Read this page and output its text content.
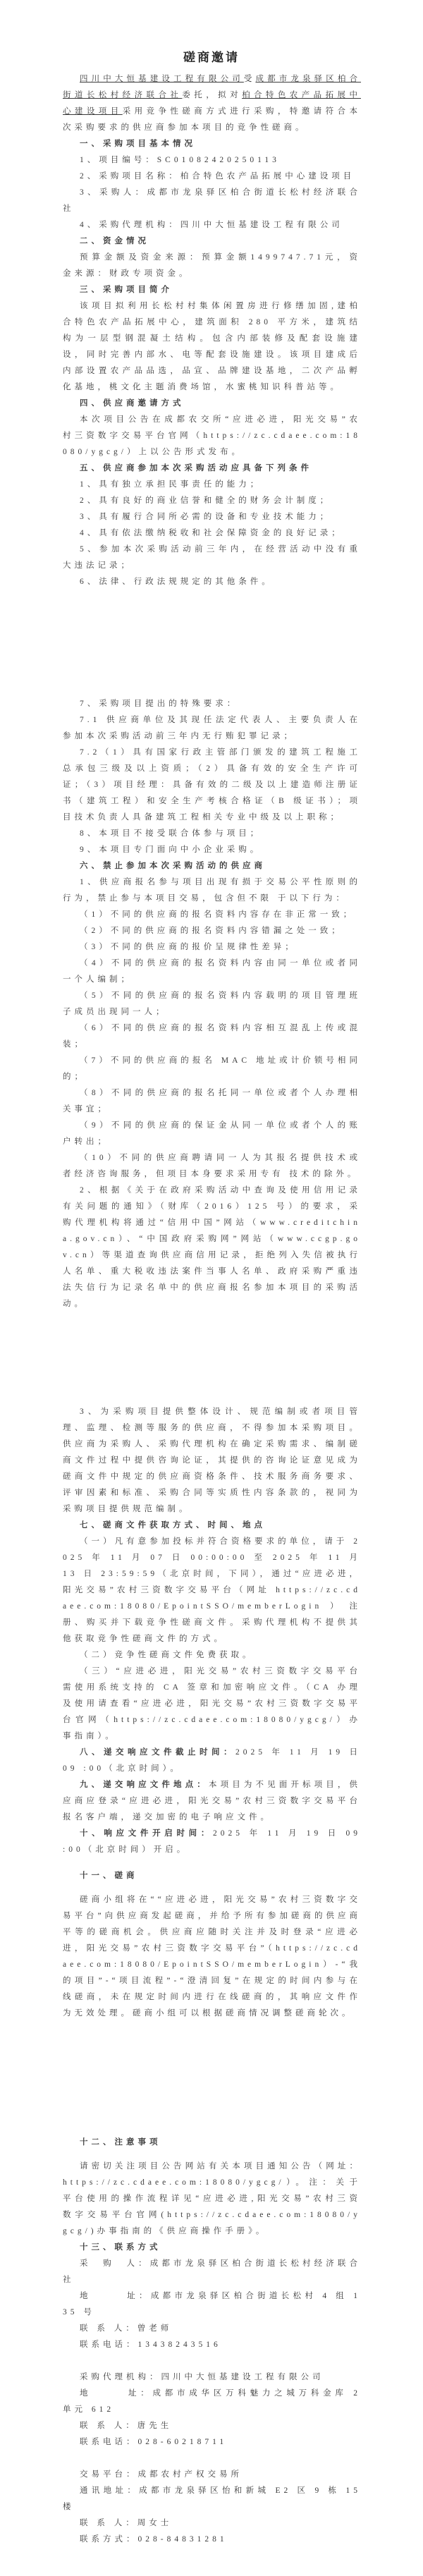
磋商邀请

四川中大恒基建设工程有限公司受成都市龙泉驿区柏合街道长松村经济联合社委托，拟对柏合特色农产品拓展中心建设项目采用竞争性磋商方式进行采购，特邀请符合本次采购要求的供应商参加本项目的竞争性磋商。

一、采购项目基本情况

1、项目编号：SC01082420250113

2、采购项目名称：柏合特色农产品拓展中心建设项目

3、采购人：成都市龙泉驿区柏合街道长松村经济联合社

4、采购代理机构：四川中大恒基建设工程有限公司

二、资金情况

预算金额及资金来源：预算金额1499747.71元，资金来源：财政专项资金。

三、采购项目简介

该项目拟利用长松村村集体闲置房进行修缮加固,建柏合特色农产品拓展中心，建筑面积 280 平方米，建筑结构为一层型钢混凝土结构。包含内部装修及配套设施建设，同时完善内部水、电等配套设施建设。该项目建成后内部设置农产品品选，品宣、品牌建设基地，二次产品孵化基地，桃文化主题消费场馆，水蜜桃知识科普站等。

四、供应商邀请方式

本次项目公告在成都农交所“应进必进，阳光交易”农村三资数字交易平台官网（https://zc.cdaee.com:18080/ygcg/）上以公告形式发布。

五、供应商参加本次采购活动应具备下列条件

1、具有独立承担民事责任的能力；

2、具有良好的商业信誉和健全的财务会计制度；

3、具有履行合同所必需的设备和专业技术能力；

4、具有依法缴纳税收和社会保障资金的良好记录；

5、参加本次采购活动前三年内，在经营活动中没有重大违法记录；

6、法律、行政法规规定的其他条件。

7、采购项目提出的特殊要求：

7.1 供应商单位及其现任法定代表人、主要负责人在参加本次采购活动前三年内无行贿犯罪记录；

7.2（1）具有国家行政主管部门颁发的建筑工程施工总承包三级及以上资质；（2）具备有效的安全生产许可证；（3）项目经理：具备有效的二级及以上建造师注册证书（建筑工程）和安全生产考核合格证（B 级证书）；项目技术负责人具备建筑工程相关专业中级及以上职称；

8、本项目不接受联合体参与项目；

9、本项目专门面向中小企业采购。

六、禁止参加本次采购活动的供应商

1、供应商报名参与项目出现有损于交易公平性原则的行为，禁止参与本项目交易，包含但不限 于以下行为：

（1）不同的供应商的报名资料内容存在非正常一致；

（2）不同的供应商的报名资料内容错漏之处一致；

（3）不同的供应商的报价呈规律性差异；

（4）不同的供应商的报名资料内容由同一单位或者同一个人编制；

（5）不同的供应商的报名资料内容载明的项目管理班子成员出现同一人；

（6）不同的供应商的报名资料内容相互混乱上传或混装；

（7）不同的供应商的报名 MAC 地址或计价锁号相同的；

（8）不同的供应商的报名托同一单位或者个人办理相关事宜；

（9）不同的供应商的保证金从同一单位或者个人的账户转出；

（10）不同的供应商聘请同一人为其报名提供技术或者经济咨询服务，但项目本身要求采用专有 技术的除外。

2、根据《关于在政府采购活动中查询及使用信用记录有关问题的通知》（财库（2016）125 号）的要求，采购代理机构将通过“信用中国”网站（www.creditchina.gov.cn）、“中国政府采购网”网站（www.ccgp.gov.cn）等渠道查询供应商信用记录，拒绝列入失信被执行人名单、重大税收违法案件当事人名单、政府采购严重违法失信行为记录名单中的供应商报名参加本项目的采购活动。

3、为采购项目提供整体设计、规范编制或者项目管理、监理、检测等服务的供应商，不得参加本采购项目。供应商为采购人、采购代理机构在确定采购需求、编制磋商文件过程中提供咨询论证，其提供的咨询论证意见成为磋商文件中规定的供应商资格条件、技术服务商务要求、评审因素和标准、采购合同等实质性内容条款的，视同为采购项目提供规范编制。

七、磋商文件获取方式、时间、地点

（一）凡有意参加投标并符合资格要求的单位，请于 2025 年 11 月 07 日 00:00:00 至 2025 年 11 月 13 日 23:59:59（北京时间，下同），通过“应进必进，阳光交易”农村三资数字交易平台（网址 https://zc.cdaee.com:18080/EpointSSO/memberLogin）注册、购买并下载竞争性磋商文件。采购代理机构不提供其他获取竞争性磋商文件的方式。

（二）竞争性磋商文件免费获取。

（三）“应进必进，阳光交易”农村三资数字交易平台需使用系统支持的 CA 签章和加密响应文件。（CA 办理及使用请查看“应进必进，阳光交易”农村三资数字交易平台官网（https://zc.cdaee.com:18080/ygcg/）办事指南）。

八、递交响应文件截止时间：2025 年 11 月 19 日 09 :00（北京时间）。

九、递交响应文件地点：本项目为不见面开标项目，供应商应登录“应进必进，阳光交易”农村三资数字交易平台报名客户端，递交加密的电子响应文件。

十、响应文件开启时间：2025 年 11 月 19 日 09 :00（北京时间）开启。

十一、磋商

磋商小组将在““应进必进，阳光交易”农村三资数字交易平台”向供应商发起磋商，并给予所有参加磋商的供应商平等的磋商机会。供应商应随时关注并及时登录“应进必进，阳光交易”农村三资数字交易平台”（https://zc.cdaee.com:18080/EpointSSO/memberLogin）-“我的项目”-“项目流程”-“澄清回复”在规定的时间内参与在线磋商，未在规定时间内进行在线磋商的，其响应文件作为无效处理。磋商小组可以根据磋商情况调整磋商轮次。

十二、注意事项

请密切关注项目公告网站有关本项目通知公告（网址：https://zc.cdaee.com:18080/ygcg/）。注：关于平台使用的操作流程详见“应进必进,阳光交易”农村三资数字交易平台官网(https://zc.cdaee.com:18080/ygcg/)办事指南的《供应商操作手册》。

十三、联系方式

采　购　人：成都市龙泉驿区柏合街道长松村经济联合社

地　　　址：成都市龙泉驿区柏合街道长松村 4 组 135 号

联 系 人：曾老师

联系电话：13438243516

采购代理机构：四川中大恒基建设工程有限公司

地　　　址：成都市成华区万科魅力之城万科金库 2 单元 612

联 系 人：唐先生

联系电话：028-60218711

交易平台：成都农村产权交易所

通讯地址：成都市龙泉驿区怡和新城 E2 区 9 栋 15 楼

联 系 人：周女士

联系方式：028-84831281
